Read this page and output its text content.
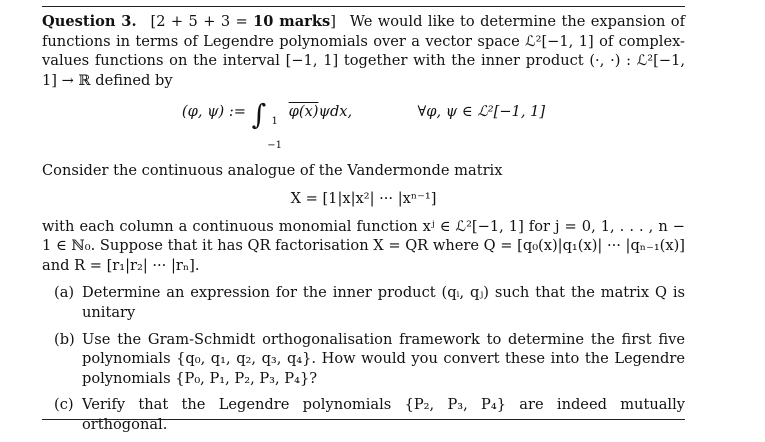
Question 3. [2 + 5 + 3 = 10 marks] We would like to determine the expansion of functions in terms of Legendre polynomials over a vector space ℒ²[−1, 1] of complex-values functions on the interval [−1, 1] together with the inner product (·, ·) : ℒ²[−1, 1] → ℝ defined by
(φ, ψ) := ∫ 1
−1
φ(x)ψdx,	∀φ, ψ ∈ ℒ²[−1, 1]
Consider the continuous analogue of the Vandermonde matrix
X = [1|x|x²| ··· |xⁿ⁻¹]
with each column a continuous monomial function xʲ ∈ ℒ²[−1, 1] for j = 0, 1, . . . , n − 1 ∈ ℕ₀. Suppose that it has QR factorisation X = QR where Q = [q₀(x)|q₁(x)| ··· |qₙ₋₁(x)] and R = [r₁|r₂| ··· |rₙ].
(a) Determine an expression for the inner product (qᵢ, qⱼ) such that the matrix Q is unitary
(b) Use the Gram-Schmidt orthogonalisation framework to determine the first five polynomials {q₀, q₁, q₂, q₃, q₄}. How would you convert these into the Legendre polynomials {P₀, P₁, P₂, P₃, P₄}?
(c) Verify that the Legendre polynomials {P₂, P₃, P₄} are indeed mutually orthogonal.
